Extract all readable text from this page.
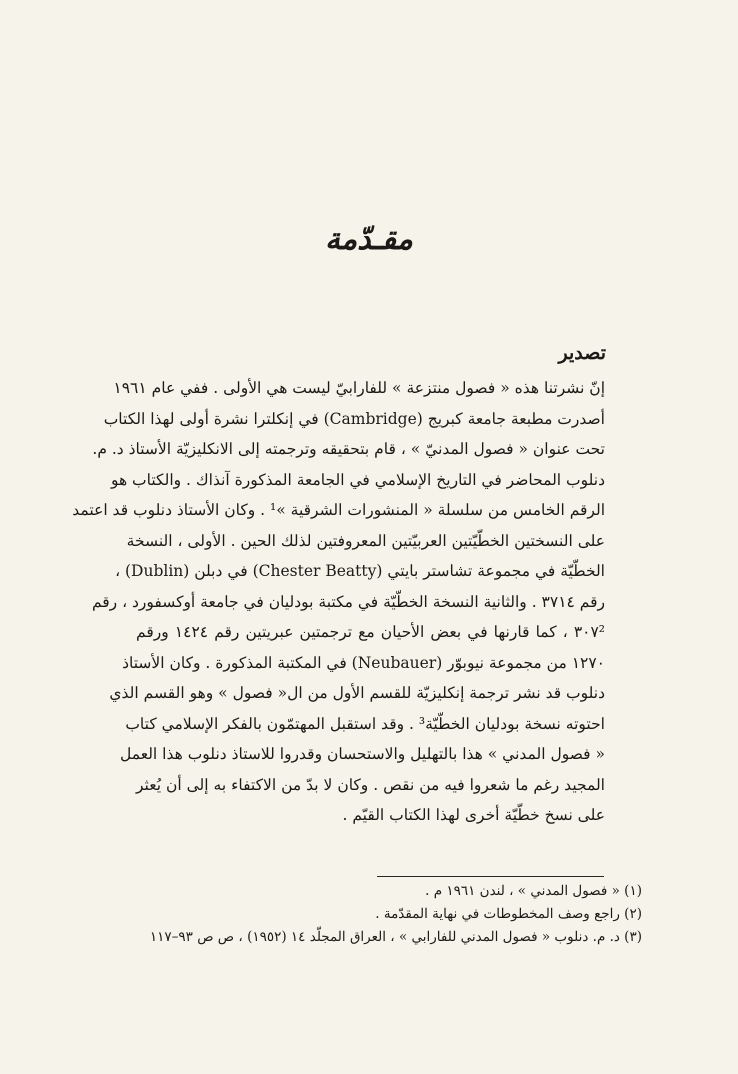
مقـدّمة
تصدير
إنّ نشرتنا هذه « فصول منتزعة » للفارابيّ ليست هي الأولى . ففي عام ١٩٦١
أصدرت مطبعة جامعة كبريج (Cambridge) في إنكلترا نشرة أولى لهذا الكتاب
تحت عنوان « فصول المدنيّ » ، قام بتحقيقه وترجمته إلى الانكليزيّة الأستاذ د. م.
دنلوب المحاضر في التاريخ الإسلامي في الجامعة المذكورة آنذاك . والكتاب هو
الرقم الخامس من سلسلة « المنشورات الشرقية »¹ . وكان الأستاذ دنلوب قد اعتمد
على النسختين الخطّيّتين العربيّتين المعروفتين لذلك الحين . الأولى ، النسخة
الخطّيّة في مجموعة تشاستر بايتي (Chester Beatty) في دبلن (Dublin) ،
رقم ٣٧١٤ . والثانية النسخة الخطّيّة في مكتبة بودليان في جامعة أوكسفورد ، رقم
٣٠٧² ، كما قارنها في بعض الأحيان مع ترجمتين عبريتين رقم ١٤٢٤ ورقم
١٢٧٠ من مجموعة نيوبوّر (Neubauer) في المكتبة المذكورة . وكان الأستاذ
دنلوب قد نشر ترجمة إنكليزيّة للقسم الأول من ال« فصول » وهو القسم الذي
احتوته نسخة بودليان الخطّيّة³ . وقد استقبل المهتمّون بالفكر الإسلامي كتاب
« فصول المدني » هذا بالتهليل والاستحسان وقدروا للاستاذ دنلوب هذا العمل
المجيد رغم ما شعروا فيه من نقص . وكان لا بدّ من الاكتفاء به إلى أن يُعثر
على نسخ خطّيّة أخرى لهذا الكتاب القيّم .
(١) « فصول المدني » ، لندن ١٩٦١ م .
(٢) راجع وصف المخطوطات في نهاية المقدّمة .
(٣) د. م. دنلوب « فصول المدني للفارابي » ، العراق المجلّد ١٤ (١٩٥٢) ، ص ص ٩٣–١١٧
